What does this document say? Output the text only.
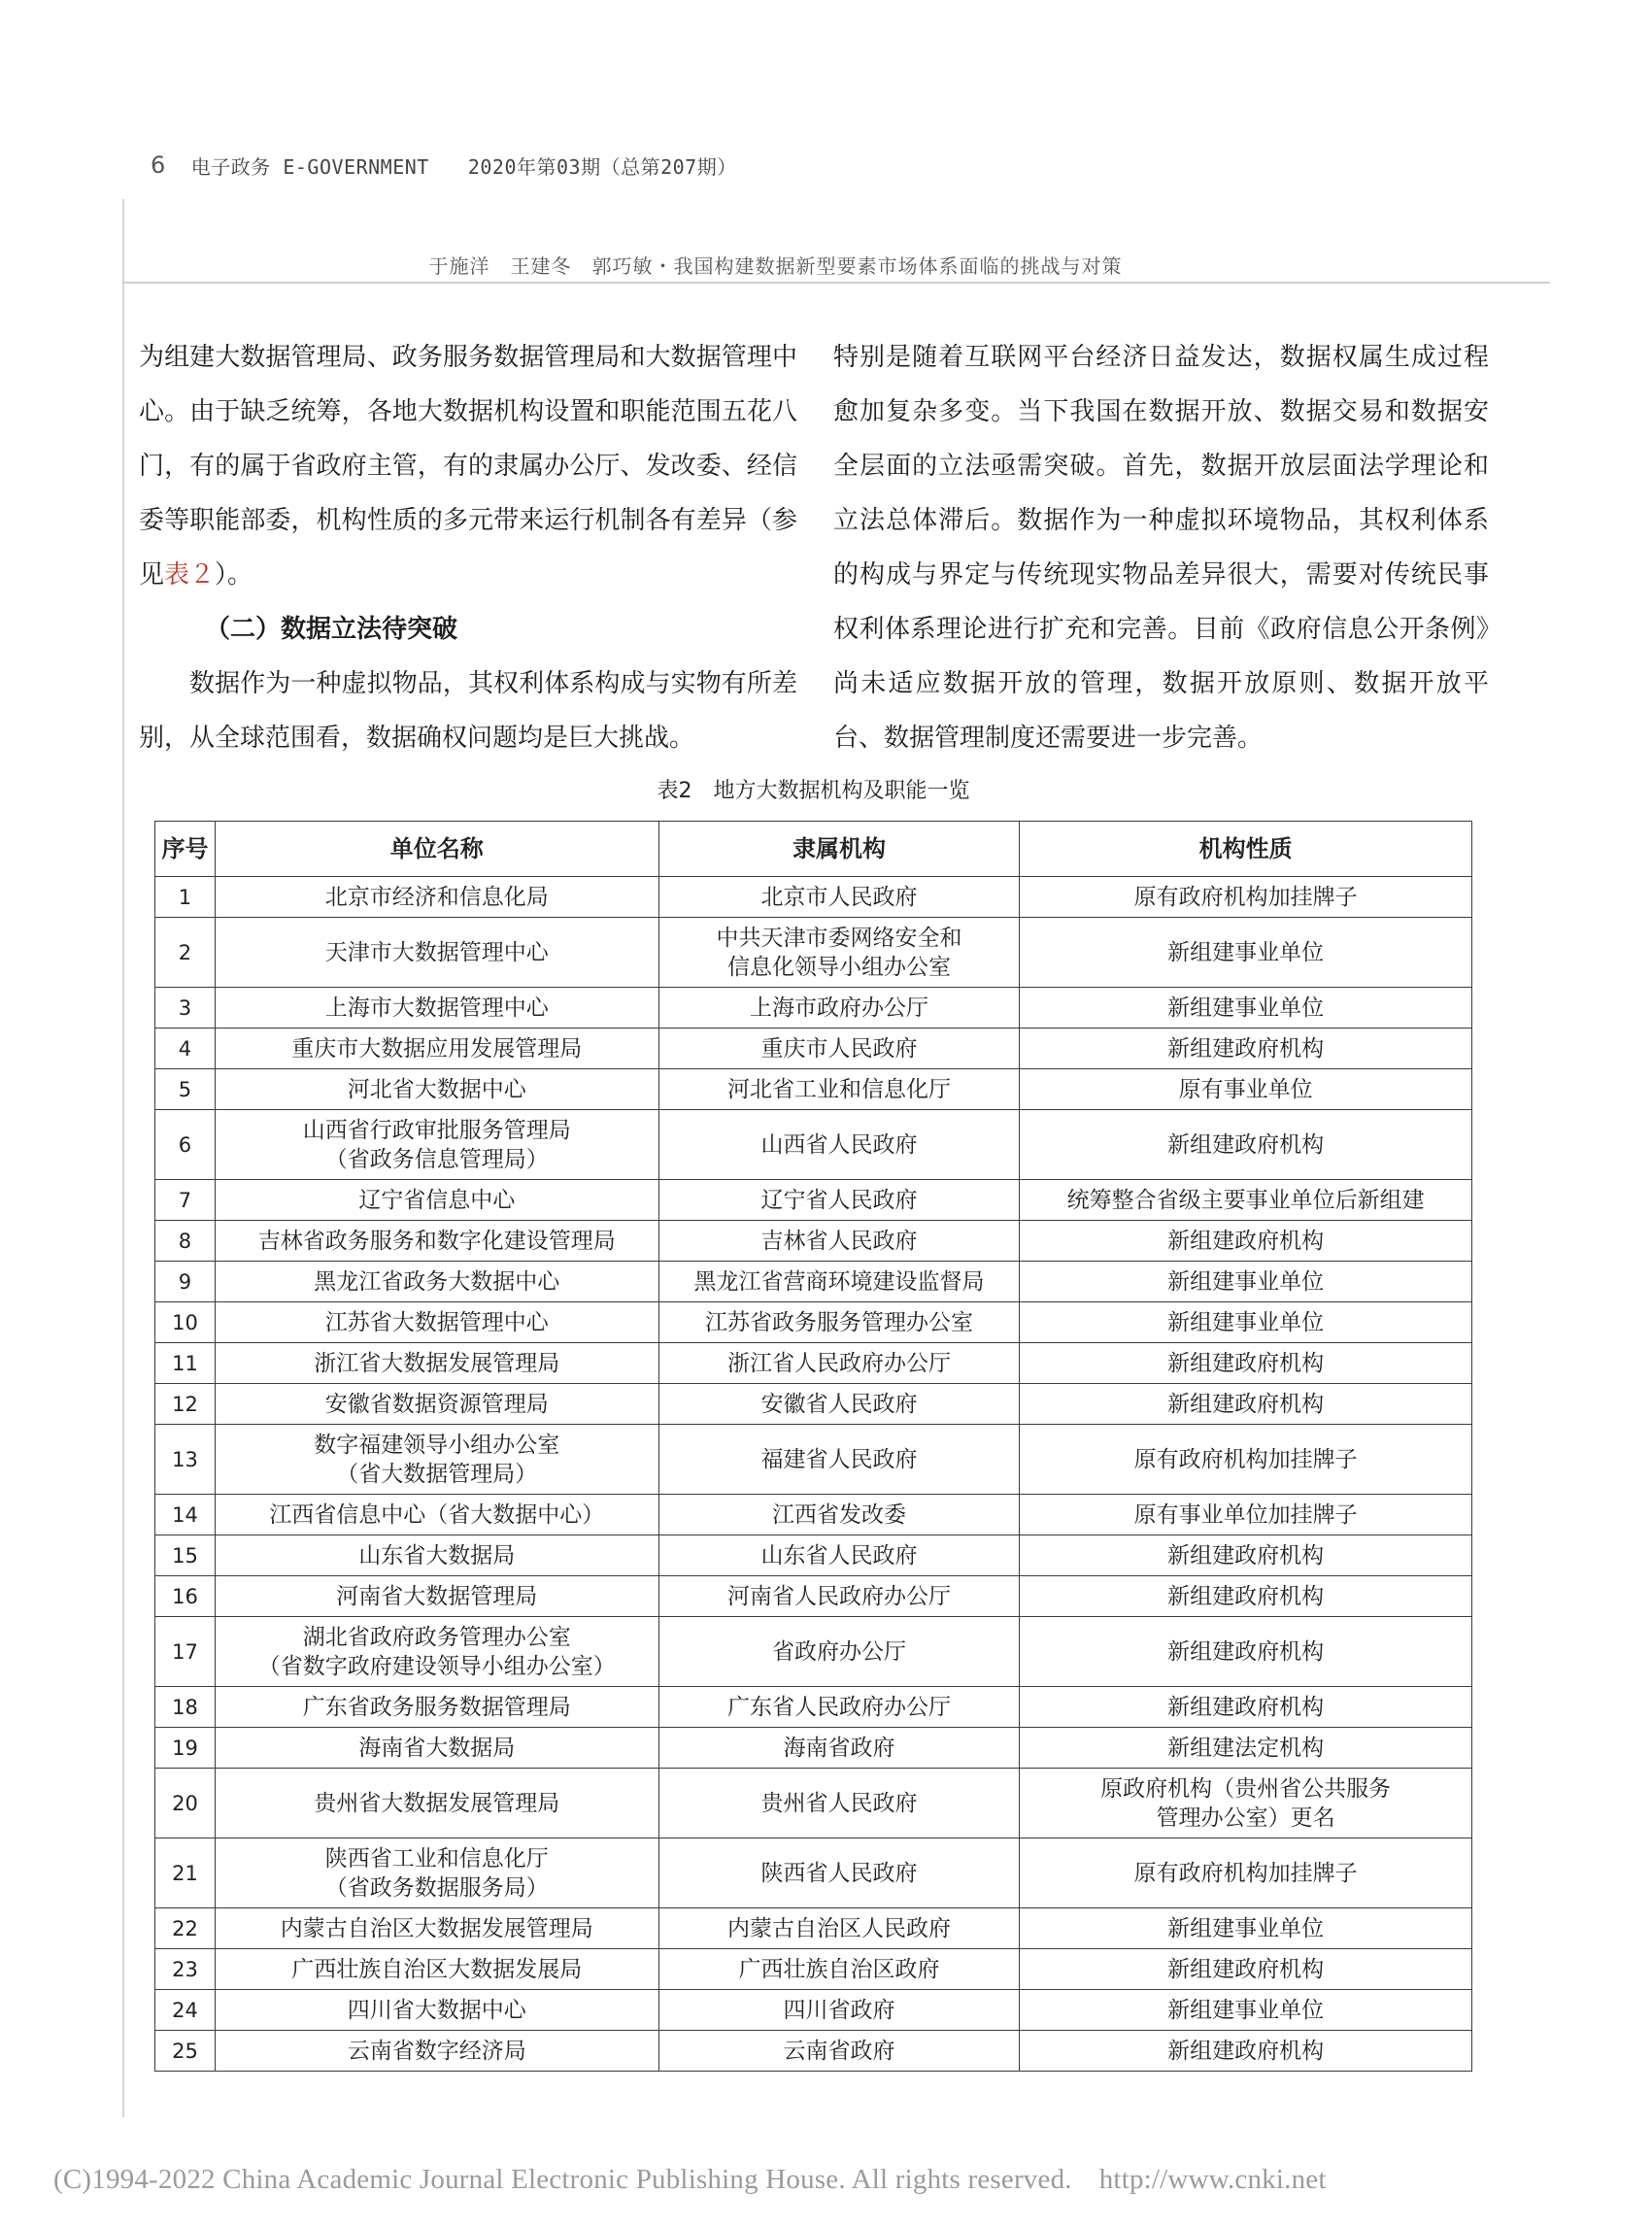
6 电子政务 E-GOVERNMENT 2020年第03期（总第207期）
于施洋　王建冬　郭巧敏・我国构建数据新型要素市场体系面临的挑战与对策

为组建大数据管理局、政务服务数据管理局和大数据管理中心。由于缺乏统筹，各地大数据机构设置和职能范围五花八门，有的属于省政府主管，有的隶属办公厅、发改委、经信委等职能部委，机构性质的多元带来运行机制各有差异（参见表２）。

（二）数据立法待突破

数据作为一种虚拟物品，其权利体系构成与实物有所差别，从全球范围看，数据确权问题均是巨大挑战。

特别是随着互联网平台经济日益发达，数据权属生成过程愈加复杂多变。当下我国在数据开放、数据交易和数据安全层面的立法亟需突破。首先，数据开放层面法学理论和立法总体滞后。数据作为一种虚拟环境物品，其权利体系的构成与界定与传统现实物品差异很大，需要对传统民事权利体系理论进行扩充和完善。目前《政府信息公开条例》尚未适应数据开放的管理，数据开放原则、数据开放平台、数据管理制度还需要进一步完善。

表2　地方大数据机构及职能一览
序号	单位名称	隶属机构	机构性质
1	北京市经济和信息化局	北京市人民政府	原有政府机构加挂牌子
2	天津市大数据管理中心	中共天津市委网络安全和
信息化领导小组办公室	新组建事业单位
3	上海市大数据管理中心	上海市政府办公厅	新组建事业单位
4	重庆市大数据应用发展管理局	重庆市人民政府	新组建政府机构
5	河北省大数据中心	河北省工业和信息化厅	原有事业单位
6	山西省行政审批服务管理局
（省政务信息管理局）	山西省人民政府	新组建政府机构
7	辽宁省信息中心	辽宁省人民政府	统筹整合省级主要事业单位后新组建
8	吉林省政务服务和数字化建设管理局	吉林省人民政府	新组建政府机构
9	黑龙江省政务大数据中心	黑龙江省营商环境建设监督局	新组建事业单位
10	江苏省大数据管理中心	江苏省政务服务管理办公室	新组建事业单位
11	浙江省大数据发展管理局	浙江省人民政府办公厅	新组建政府机构
12	安徽省数据资源管理局	安徽省人民政府	新组建政府机构
13	数字福建领导小组办公室
（省大数据管理局）	福建省人民政府	原有政府机构加挂牌子
14	江西省信息中心（省大数据中心）	江西省发改委	原有事业单位加挂牌子
15	山东省大数据局	山东省人民政府	新组建政府机构
16	河南省大数据管理局	河南省人民政府办公厅	新组建政府机构
17	湖北省政府政务管理办公室
（省数字政府建设领导小组办公室）	省政府办公厅	新组建政府机构
18	广东省政务服务数据管理局	广东省人民政府办公厅	新组建政府机构
19	海南省大数据局	海南省政府	新组建法定机构
20	贵州省大数据发展管理局	贵州省人民政府	原政府机构（贵州省公共服务
管理办公室）更名
21	陕西省工业和信息化厅
（省政务数据服务局）	陕西省人民政府	原有政府机构加挂牌子
22	内蒙古自治区大数据发展管理局	内蒙古自治区人民政府	新组建事业单位
23	广西壮族自治区大数据发展局	广西壮族自治区政府	新组建政府机构
24	四川省大数据中心	四川省政府	新组建事业单位
25	云南省数字经济局	云南省政府	新组建政府机构
(C)1994-2022 China Academic Journal Electronic Publishing House. All rights reserved. http://www.cnki.net
